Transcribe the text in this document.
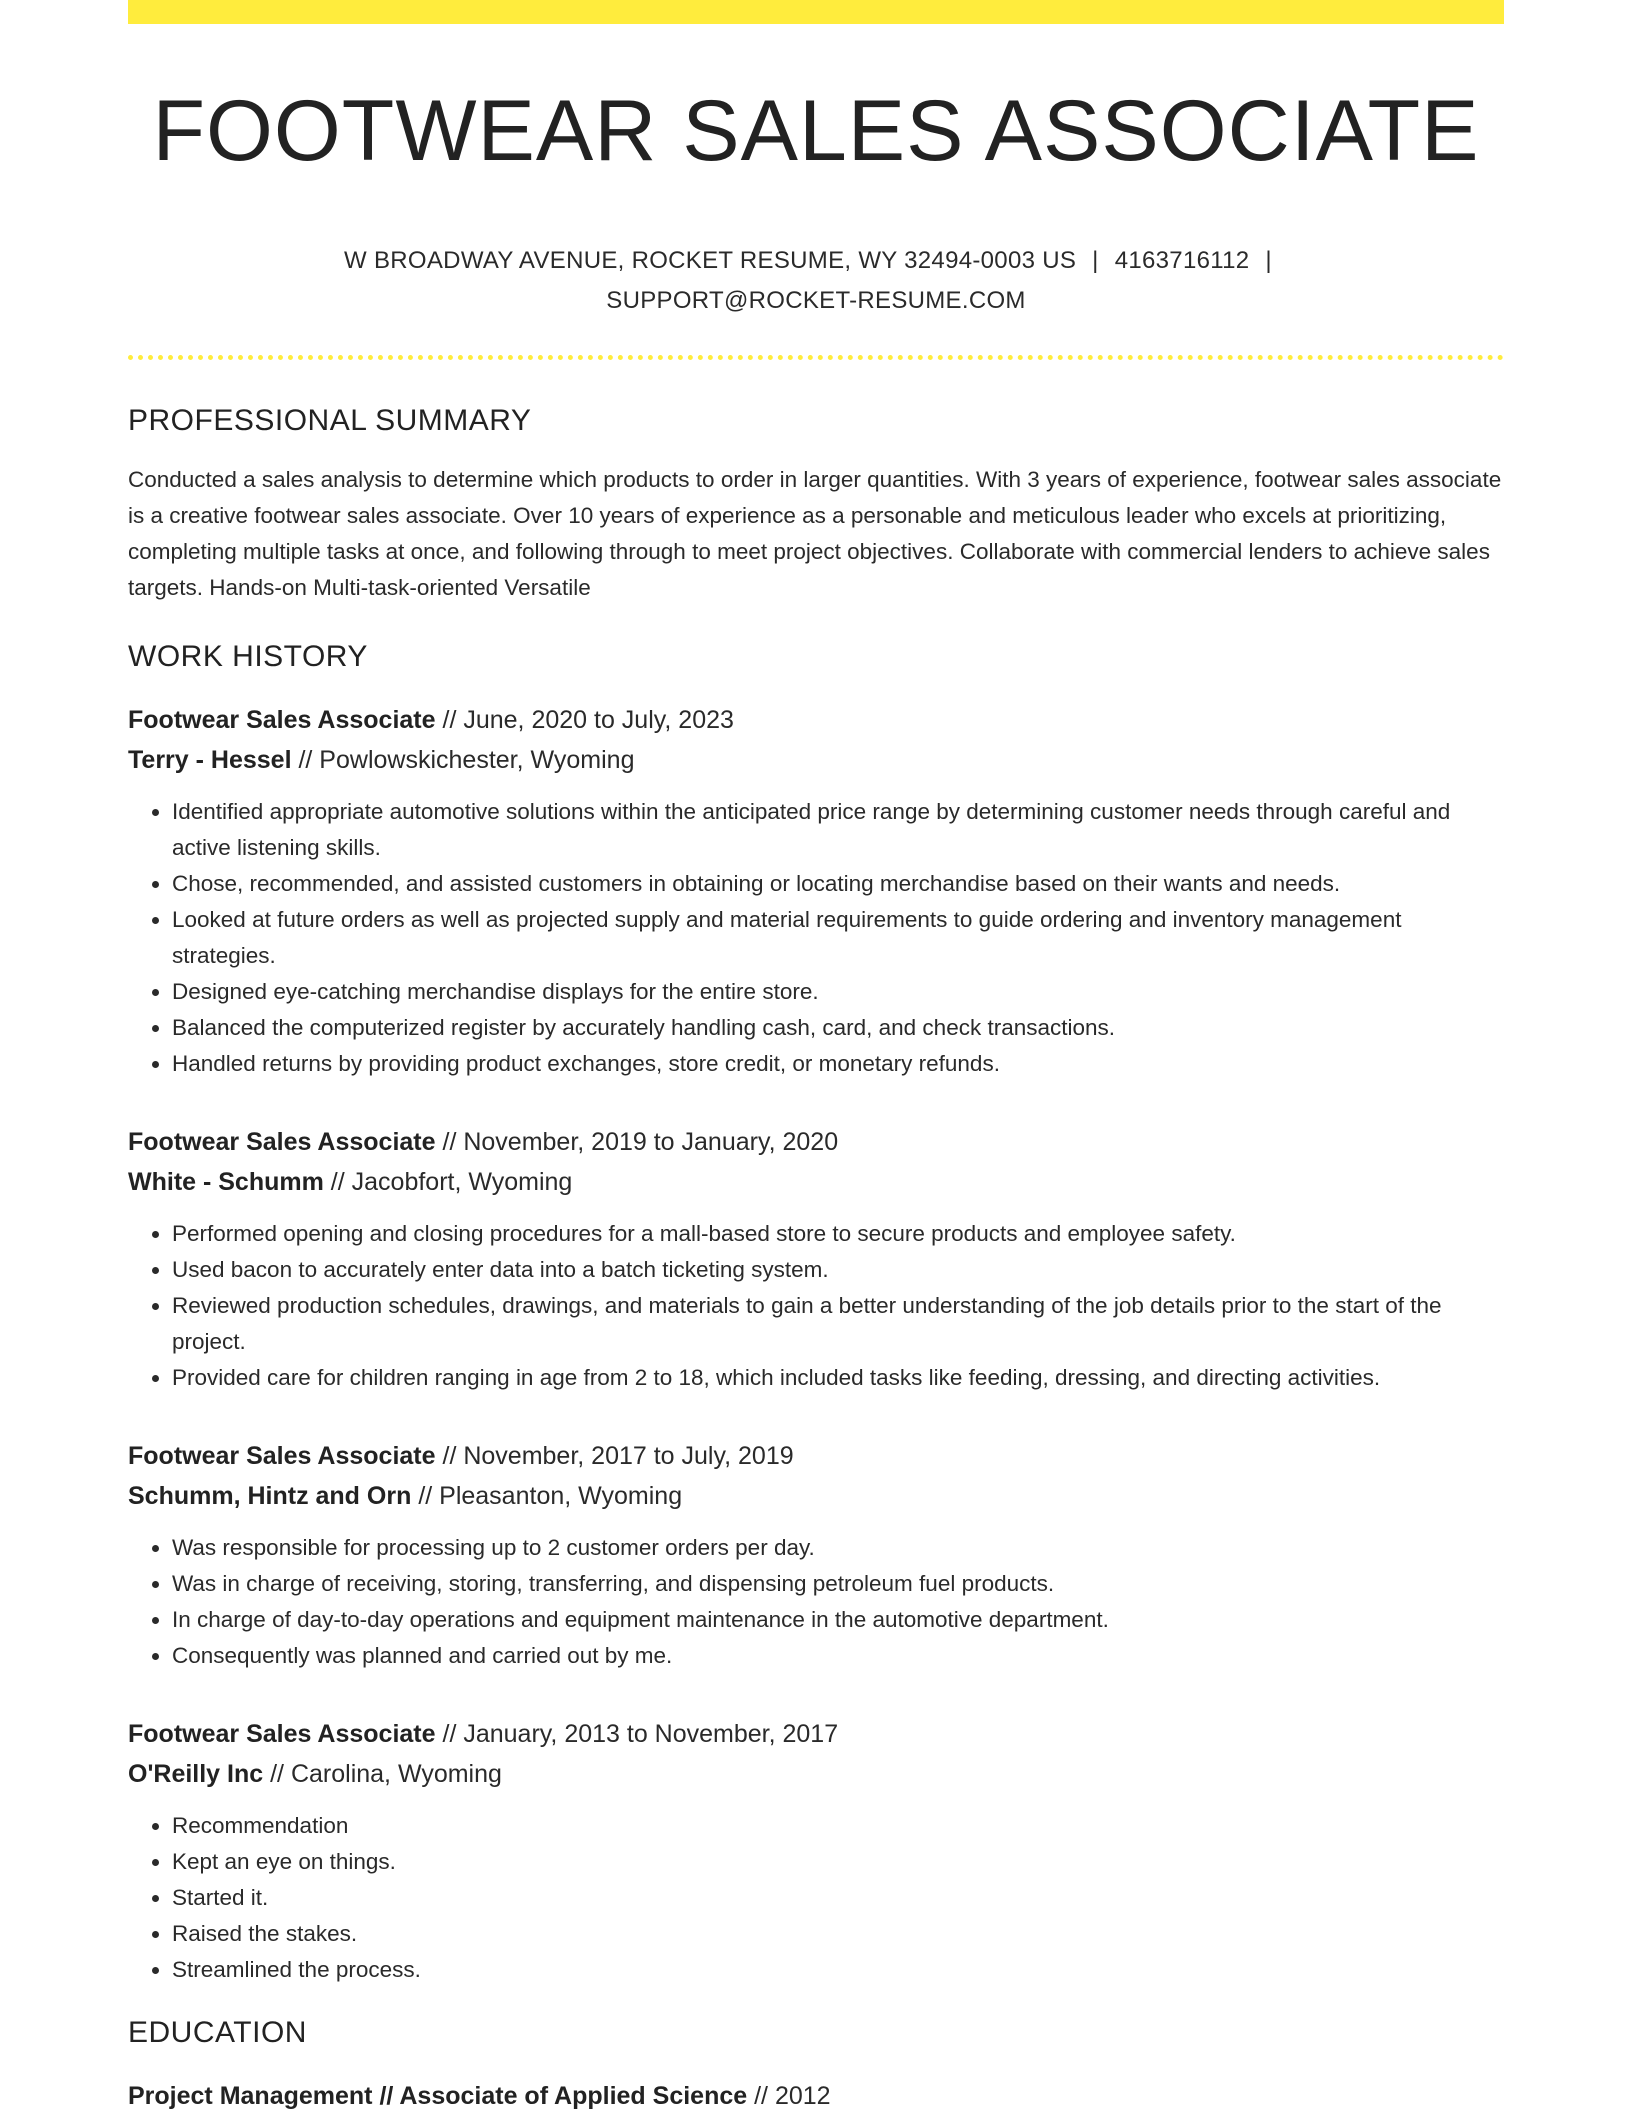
FOOTWEAR SALES ASSOCIATE
W BROADWAY AVENUE, ROCKET RESUME, WY 32494-0003 US | 4163716112 |
SUPPORT@ROCKET-RESUME.COM
PROFESSIONAL SUMMARY

Conducted a sales analysis to determine which products to order in larger quantities. With 3 years of experience, footwear sales associate is a creative footwear sales associate. Over 10 years of experience as a personable and meticulous leader who excels at prioritizing, completing multiple tasks at once, and following through to meet project objectives. Collaborate with commercial lenders to achieve sales targets. Hands-on Multi-task-oriented Versatile

WORK HISTORY
Footwear Sales Associate // June, 2020 to July, 2023
Terry - Hessel // Powlowskichester, Wyoming
• Identified appropriate automotive solutions within the anticipated price range by determining customer needs through careful and active listening skills.
• Chose, recommended, and assisted customers in obtaining or locating merchandise based on their wants and needs.
• Looked at future orders as well as projected supply and material requirements to guide ordering and inventory management strategies.
• Designed eye-catching merchandise displays for the entire store.
• Balanced the computerized register by accurately handling cash, card, and check transactions.
• Handled returns by providing product exchanges, store credit, or monetary refunds.
Footwear Sales Associate // November, 2019 to January, 2020
White - Schumm // Jacobfort, Wyoming
• Performed opening and closing procedures for a mall-based store to secure products and employee safety.
• Used bacon to accurately enter data into a batch ticketing system.
• Reviewed production schedules, drawings, and materials to gain a better understanding of the job details prior to the start of the project.
• Provided care for children ranging in age from 2 to 18, which included tasks like feeding, dressing, and directing activities.
Footwear Sales Associate // November, 2017 to July, 2019
Schumm, Hintz and Orn // Pleasanton, Wyoming
• Was responsible for processing up to 2 customer orders per day.
• Was in charge of receiving, storing, transferring, and dispensing petroleum fuel products.
• In charge of day-to-day operations and equipment maintenance in the automotive department.
• Consequently was planned and carried out by me.
Footwear Sales Associate // January, 2013 to November, 2017
O'Reilly Inc // Carolina, Wyoming
• Recommendation
• Kept an eye on things.
• Started it.
• Raised the stakes.
• Streamlined the process.
EDUCATION
Project Management // Associate of Applied Science // 2012
